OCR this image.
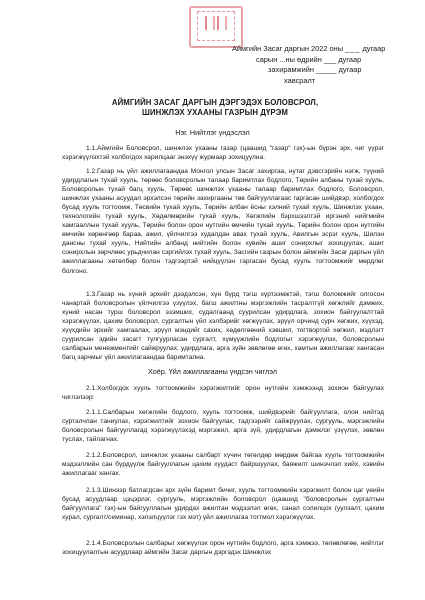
Аймгийн Засаг даргын 2022 оны ___ дугаар
сарын ...ны өдрийн ___ дугаар
захирамжийн _____ дугаар
хавсралт
АЙМГИЙН ЗАСАГ ДАРГЫН ДЭРГЭДЭХ БОЛОВСРОЛ,
ШИНЖЛЭХ УХААНЫ ГАЗРЫН ДҮРЭМ
Нэг. Нийтлэг үндэслэл
1.1.Аймгийн Боловсрол, шинжлэх ухааны газар (цаашид "газар" гэх)-ын бүрэн эрх, чиг үүрэг хэрэгжүүлэхтэй холбогдох харилцааг энэхүү журмаар зохицуулна.
1.2.Газар нь үйл ажиллагаандаа Монгол улсын Засаг захиргаа, нутаг дэвсгэрийн нэгж, түүний удирдлагын тухай хууль, төрөөс боловсролын талаар баримтлах бодлого, Төрийн албаны тухай хууль, Боловсролын тухай багц хууль, Төрөөс шинжлэх ухааны талаар баримтлах бодлого, Боловсрол, шинжлэх ухааны асуудал эрхэлсэн төрийн захиргааны төв байгууллагаас гаргасан шийдвэр, холбогдох бусад хууль тогтоомж, Төсвийн тухай хууль, Төрийн албан ёсны хэлний тухай хууль, Шинжлэх ухаан, технологийн тухай хууль, Хөдөлмөрийн тухай хууль, Хөгжлийн бэрхшээлтэй иргэний нийгмийн хамгааллын тухай хууль, Төрийн болон орон нутгийн өмчийн тухай хууль, Төрийн болон орон нутгийн өмчийн хөрөнгөөр бараа, ажил, үйлчилгээ худалдан авах тухай хууль, Авилгын эсрэг хууль, Шилэн дансны тухай хууль, Нийтийн албанд нийтийн болон хувийн ашиг сонирхлыг зохицуулах, ашиг сонирхлын зөрчлөөс урьдчилан сэргийлэх тухай хууль, Засгийн газрын болон аймгийн Засаг даргын үйл ажиллагааны хөтөлбөр болон тэдгээртэй нийцүүлэн гаргасан бусад хууль тогтоомжийг мөрдлөг болгоно.
1.3.Газар нь хүний эрхийг дээдэлсэн, хүн бүрд тэгш хүртээмжтэй, тэгш боломжийг олгосон чанартай боловсролын үйлчилгээ үзүүлэх, багш ажилтны мэргэжлийн тасралтгүй хөгжлийг дэмжих, хүний насан турш боловсрол эзэмших, судалгаанд суурилсан удирдлага, зохион байгуулалттай хэрэгжүүлэх, цахим боловсрол, сургалтын үйл хэлбэрийг хөгжүүлэх, эрүүл орчинд сурч хөгжих, хүүхэд, хүүхдийн эрхийг хамгаалах, эрүүл мэндийг сахих, хөдөлгөөний хэвшил, тогтвортой хөгжил, мэдлэгт суурилсан эдийн засагт тулгуурласан сургалт, хүмүүжлийн бодлогыг хэрэгжүүлэх, боловсролын салбарын менежментийг сайжруулах, удирдлага, арга зүйн зөвлөгөө өгөх, хамтын ажиллагааг хангасан багц зарчмыг үйл ажиллагаандаа баримтална.
Хоёр. Үйл ажиллагааны үндсэн чиглэл
2.1.Холбогдох хууль тогтоомжийн хэрэгжилтийг орон нутгийн хэмжээнд зохион байгуулах чиглэлээр:
2.1.1.Салбарын хөгжлийн бодлого, хууль тогтоомж, шийдвэрийг байгууллага, олон нийтэд сурталчлан таниулах, хэрэгжилтийг зохион байгуулах, тадгээрийг сайжруулах, сургууль, мэргэжлийн боловсролын байгууллагад хэрэгжүүлэхэд мэргэжил, арга зүй, удирдлагын дэмжлэг үзүүлэх, зөвлөн туслах, тайлагнах.
2.1.2.Боловсрол, шинжлэх ухааны салбарт хүчин төгөлдөр мөрдөж байгаа хууль тогтоомжийн мэдээллийн сан бүрдүүлж байгууллагын цахим хуудаст байршуулах, баяжилт шинэчлэл хийх, хэвийн ажиллагааг хангах.
2.1.3.Шинээр батлагдсан эрх зүйн баримт бичиг, хууль тогтоомжийн хэрэгжилт болон цаг үеийн бусад асуудлаар цэцэрлэг, сургууль, мэргэжлийн боловсрол (цаашид "боловсролын сургалтын байгууллага" гэх)-ын байгууллагын удирдах ажилтан мэдээлэл өгөх, санал солилцох (уулзалт, цахим хурал, сургалт/семинар, хэлэлцүүлэг гэх мэт) үйл ажиллагаа тогтмол хэрэгжүүлэх.
2.1.4.Боловсролын салбарыг хөгжүүлэх орон нутгийн бодлого, арга хэмжээ, төлөвлөгөө, нийтлэг зохицуулалтын асуудлаар аймгийн Засаг даргын дэргэдэх Шинжлэх
